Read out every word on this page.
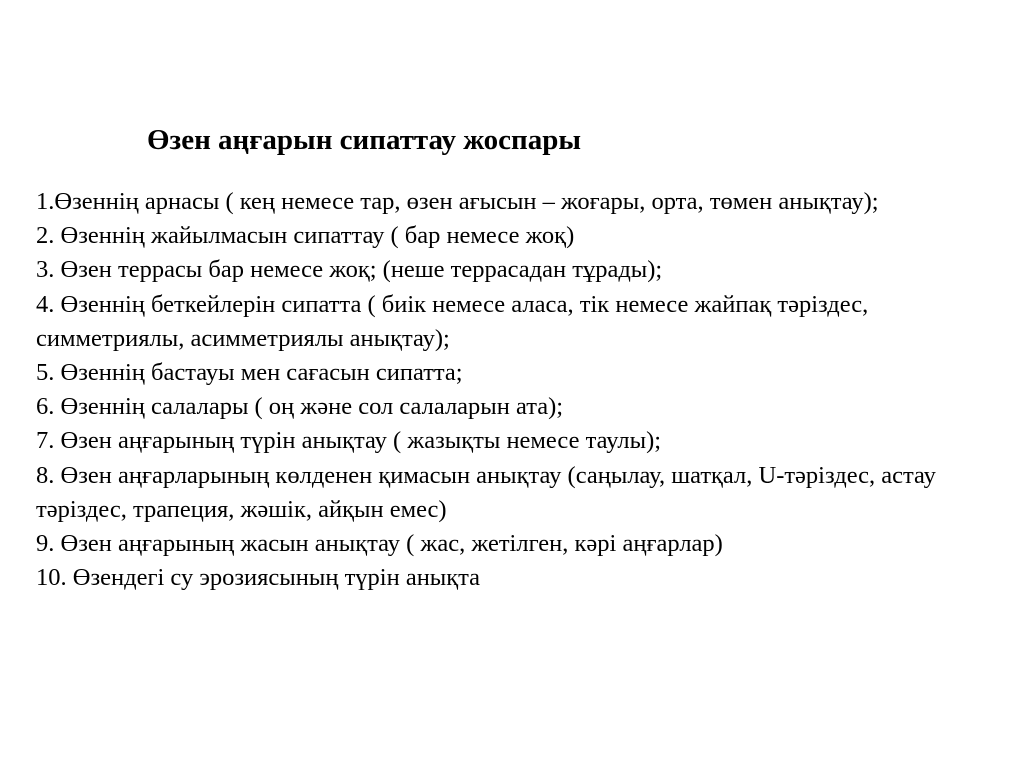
Өзен аңғарын сипаттау жоспары
1.Өзеннің арнасы ( кең немесе тар, өзен ағысын – жоғары, орта, төмен анықтау);
2. Өзеннің жайылмасын сипаттау ( бар немесе жоқ)
3. Өзен террасы бар немесе жоқ; (неше террасадан тұрады);
4. Өзеннің беткейлерін сипатта ( биік немесе аласа, тік немесе жайпақ тәріздес, симметриялы, асимметриялы анықтау);
5. Өзеннің бастауы мен сағасын сипатта;
6. Өзеннің салалары ( оң және сол салаларын ата);
7. Өзен аңғарының түрін анықтау ( жазықты немесе таулы);
8. Өзен аңғарларының көлденен қимасын анықтау (саңылау, шатқал, U-тәріздес, астау тәріздес, трапеция, жәшік, айқын емес)
9. Өзен аңғарының жасын анықтау ( жас, жетілген, кәрі аңғарлар)
10. Өзендегі су эрозиясының түрін анықта
